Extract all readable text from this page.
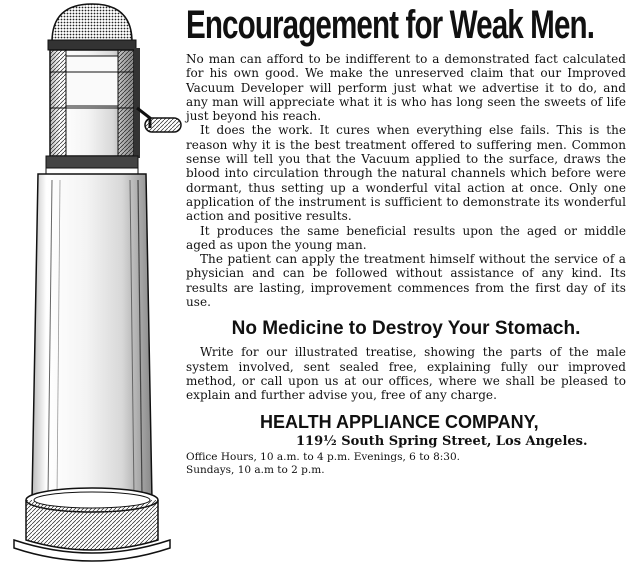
Encouragement for Weak Men.

No man can afford to be indifferent to a demonstrated fact calculated for his own good. We make the unreserved claim that our Improved Vacuum Developer will perform just what we advertise it to do, and any man will appreciate what it is who has long seen the sweets of life just beyond his reach.

It does the work. It cures when everything else fails. This is the reason why it is the best treatment offered to suffering men. Common sense will tell you that the Vacuum applied to the surface, draws the blood into circulation through the natural channels which before were dormant, thus setting up a wonderful vital action at once. Only one application of the instrument is sufficient to demonstrate its wonderful action and positive results.

It produces the same beneficial results upon the aged or middle aged as upon the young man.

The patient can apply the treatment himself without the service of a physician and can be followed without assistance of any kind. Its results are lasting, improvement commences from the first day of its use.

No Medicine to Destroy Your Stomach.

Write for our illustrated treatise, showing the parts of the male system involved, sent sealed free, explaining fully our improved method, or call upon us at our offices, where we shall be pleased to explain and further advise you, free of any charge.

HEALTH APPLIANCE COMPANY,
119½ South Spring Street, Los Angeles.
Office Hours, 10 a.m. to 4 p.m. Evenings, 6 to 8:30.
Sundays, 10 a.m to 2 p.m.
